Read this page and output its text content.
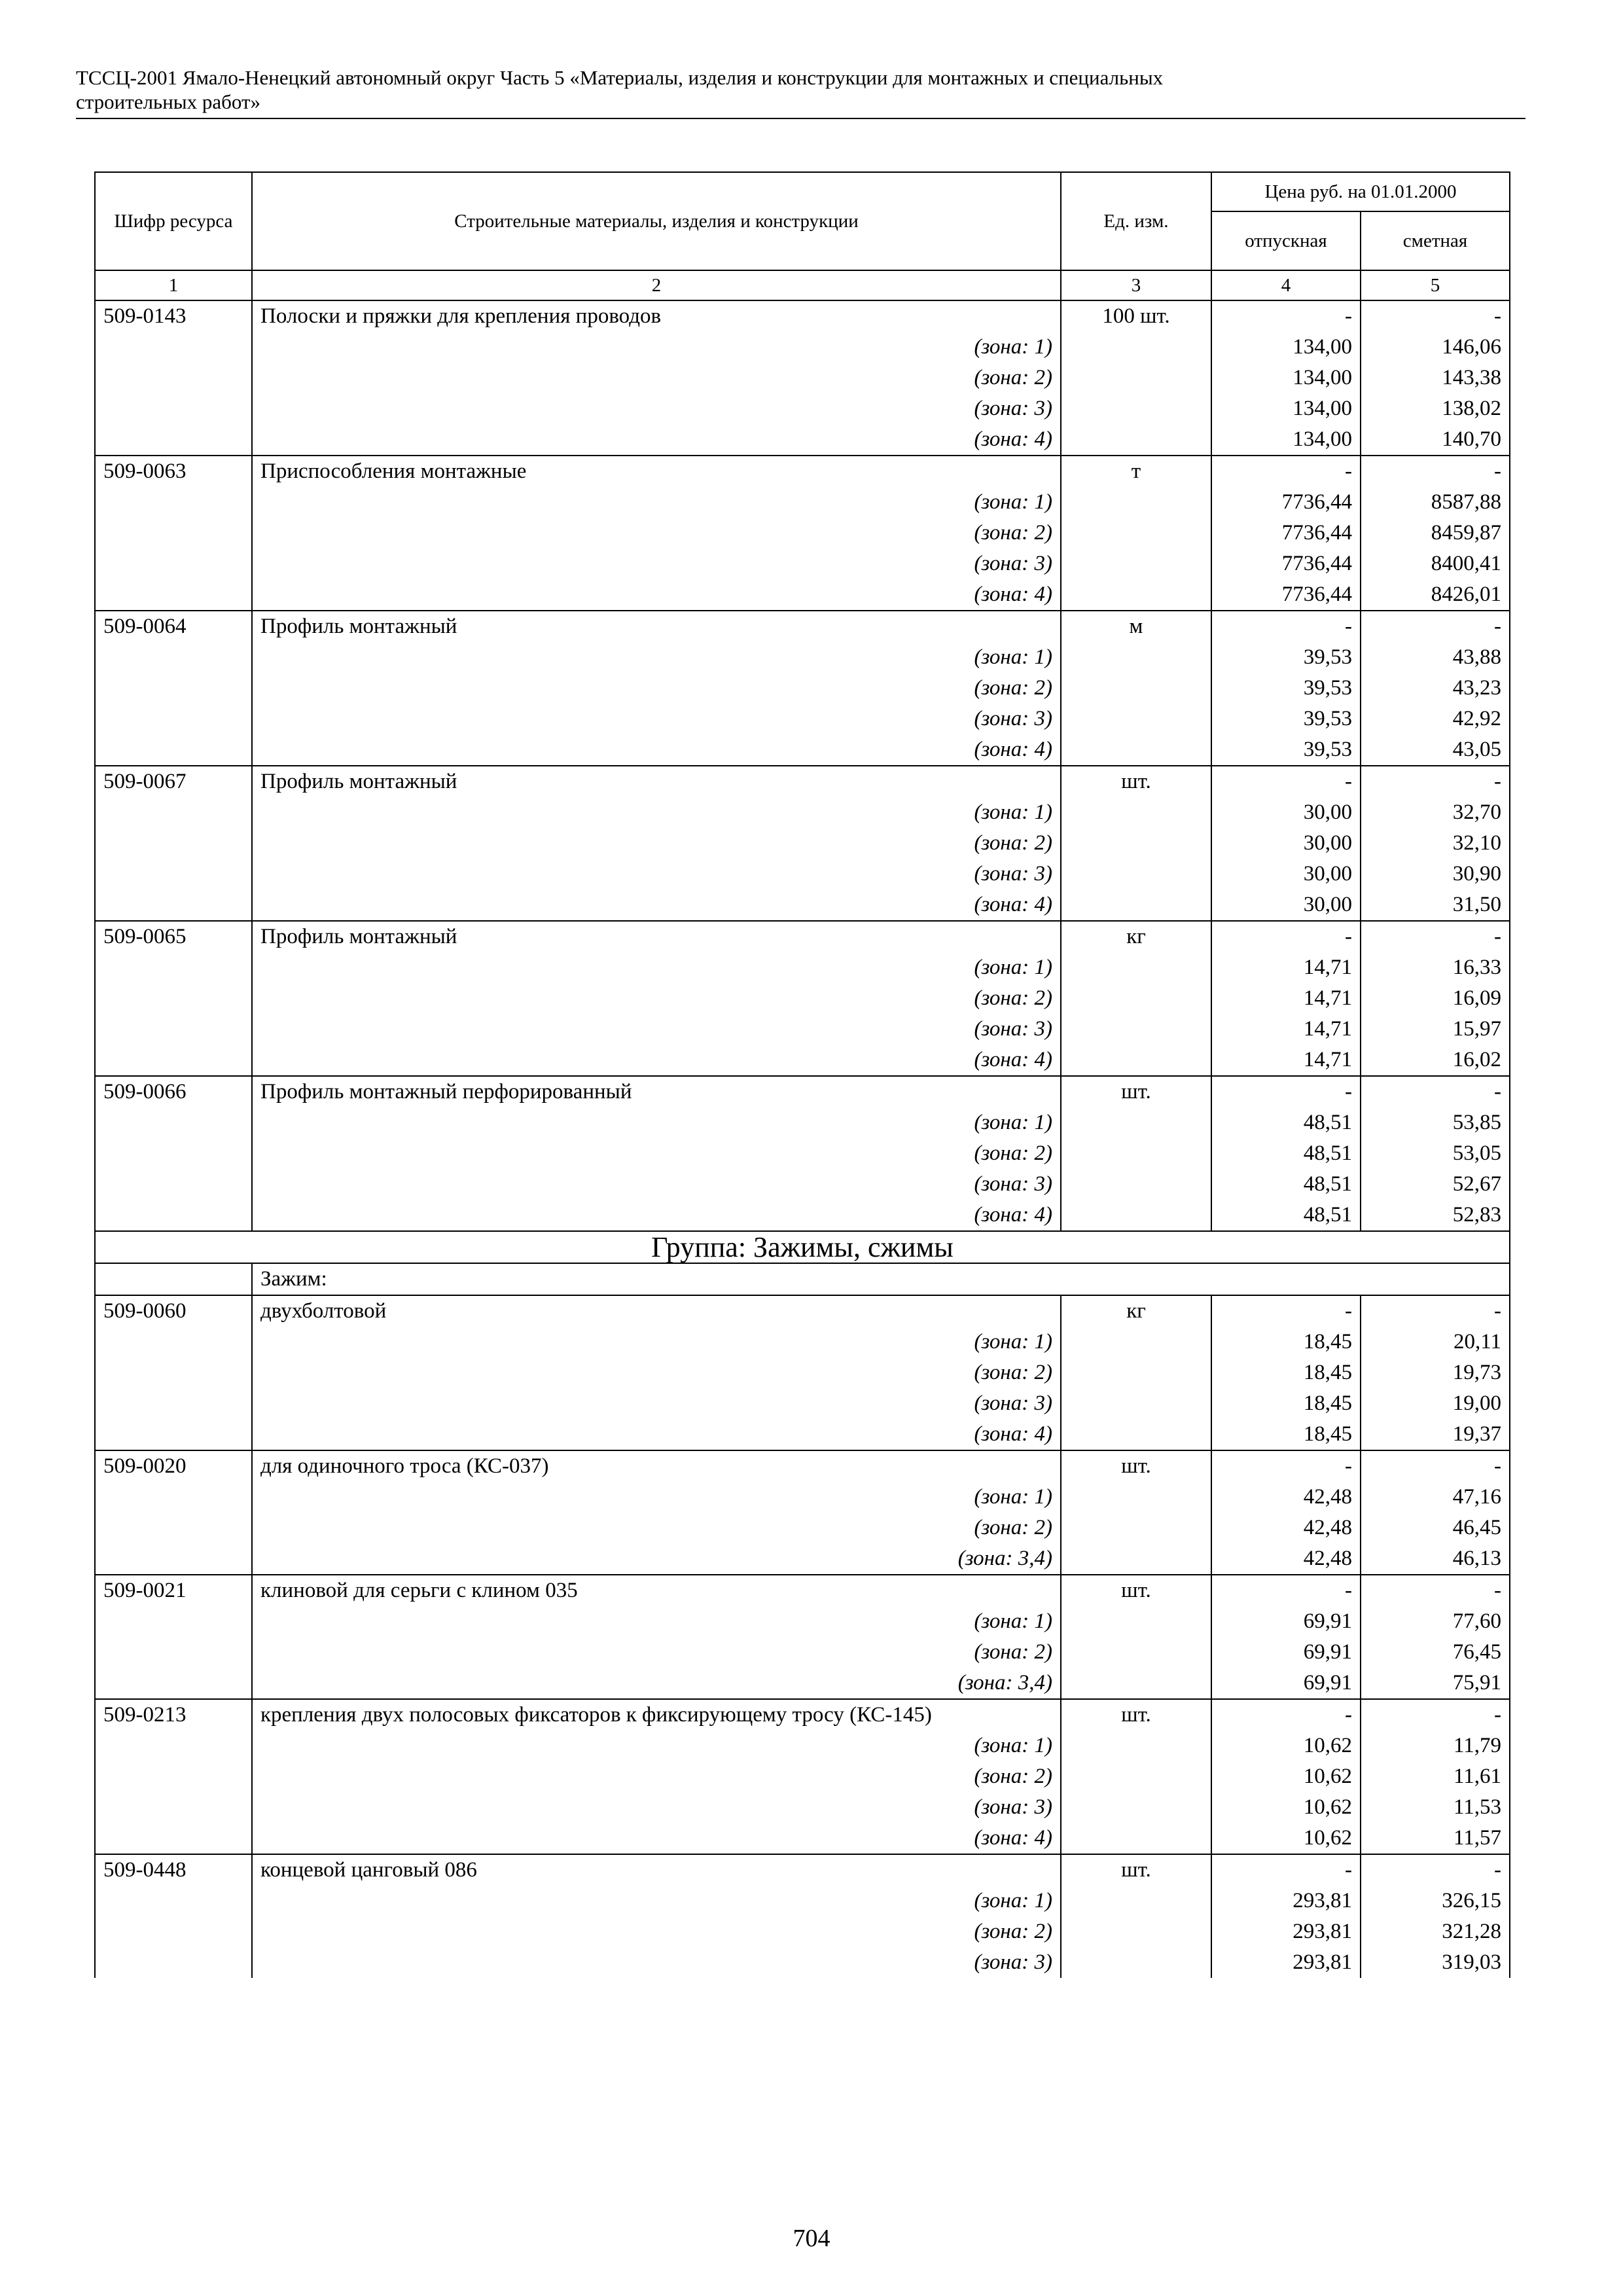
ТССЦ-2001 Ямало-Ненецкий автономный округ Часть 5 «Материалы, изделия и конструкции для монтажных и специальных
строительных работ»
Шифр ресурса	Строительные материалы, изделия и конструкции	Ед. изм.	Цена руб. на 01.01.2000	
			отпускная	сметная
1	2	3	4	5
509-0143	Полоски и пряжки для крепления проводов	100 шт.	-	-
	(зона: 1)		134,00	146,06
	(зона: 2)		134,00	143,38
	(зона: 3)		134,00	138,02
	(зона: 4)		134,00	140,70
509-0063	Приспособления монтажные	т	-	-
	(зона: 1)		7736,44	8587,88
	(зона: 2)		7736,44	8459,87
	(зона: 3)		7736,44	8400,41
	(зона: 4)		7736,44	8426,01
509-0064	Профиль монтажный	м	-	-
	(зона: 1)		39,53	43,88
	(зона: 2)		39,53	43,23
	(зона: 3)		39,53	42,92
	(зона: 4)		39,53	43,05
509-0067	Профиль монтажный	шт.	-	-
	(зона: 1)		30,00	32,70
	(зона: 2)		30,00	32,10
	(зона: 3)		30,00	30,90
	(зона: 4)		30,00	31,50
509-0065	Профиль монтажный	кг	-	-
	(зона: 1)		14,71	16,33
	(зона: 2)		14,71	16,09
	(зона: 3)		14,71	15,97
	(зона: 4)		14,71	16,02
509-0066	Профиль монтажный перфорированный	шт.	-	-
	(зона: 1)		48,51	53,85
	(зона: 2)		48,51	53,05
	(зона: 3)		48,51	52,67
	(зона: 4)		48,51	52,83
Группа: Зажимы, сжимы				
	Зажим:			
509-0060	двухболтовой	кг	-	-
	(зона: 1)		18,45	20,11
	(зона: 2)		18,45	19,73
	(зона: 3)		18,45	19,00
	(зона: 4)		18,45	19,37
509-0020	для одиночного троса (КС-037)	шт.	-	-
	(зона: 1)		42,48	47,16
	(зона: 2)		42,48	46,45
	(зона: 3,4)		42,48	46,13
509-0021	клиновой для серьги с клином 035	шт.	-	-
	(зона: 1)		69,91	77,60
	(зона: 2)		69,91	76,45
	(зона: 3,4)		69,91	75,91
509-0213	крепления двух полосовых фиксаторов к фиксирующему тросу (КС-145)	шт.	-	-
	(зона: 1)		10,62	11,79
	(зона: 2)		10,62	11,61
	(зона: 3)		10,62	11,53
	(зона: 4)		10,62	11,57
509-0448	концевой цанговый 086	шт.	-	-
	(зона: 1)		293,81	326,15
	(зона: 2)		293,81	321,28
	(зона: 3)		293,81	319,03
704
